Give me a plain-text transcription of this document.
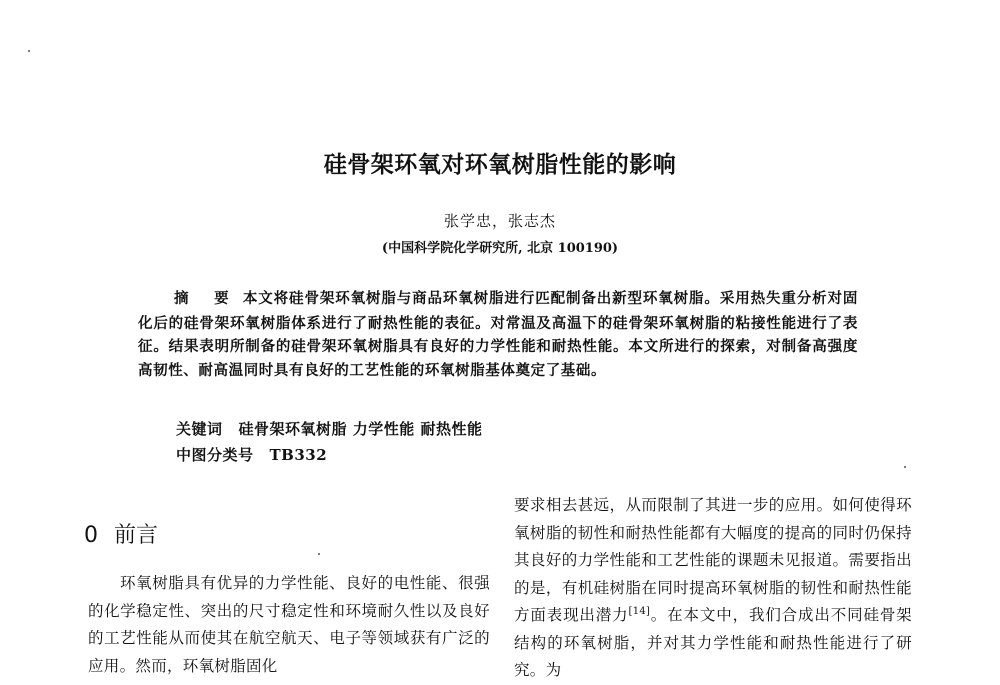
硅骨架环氧对环氧树脂性能的影响
张学忠，张志杰
(中国科学院化学研究所, 北京 100190)

摘 要 本文将硅骨架环氧树脂与商品环氧树脂进行匹配制备出新型环氧树脂。采用热失重分析对固化后的硅骨架环氧树脂体系进行了耐热性能的表征。对常温及高温下的硅骨架环氧树脂的粘接性能进行了表征。结果表明所制备的硅骨架环氧树脂具有良好的力学性能和耐热性能。本文所进行的探索，对制备高强度高韧性、耐高温同时具有良好的工艺性能的环氧树脂基体奠定了基础。

关键词 硅骨架环氧树脂 力学性能 耐热性能
中图分类号 TB332
0 前言

环氧树脂具有优异的力学性能、良好的电性能、很强的化学稳定性、突出的尺寸稳定性和环境耐久性以及良好的工艺性能从而使其在航空航天、电子等领域获有广泛的应用。然而，环氧树脂固化

要求相去甚远，从而限制了其进一步的应用。如何使得环氧树脂的韧性和耐热性能都有大幅度的提高的同时仍保持其良好的力学性能和工艺性能的课题未见报道。需要指出的是，有机硅树脂在同时提高环氧树脂的韧性和耐热性能方面表现出潜力[14]。在本文中，我们合成出不同硅骨架结构的环氧树脂，并对其力学性能和耐热性能进行了研究。为
